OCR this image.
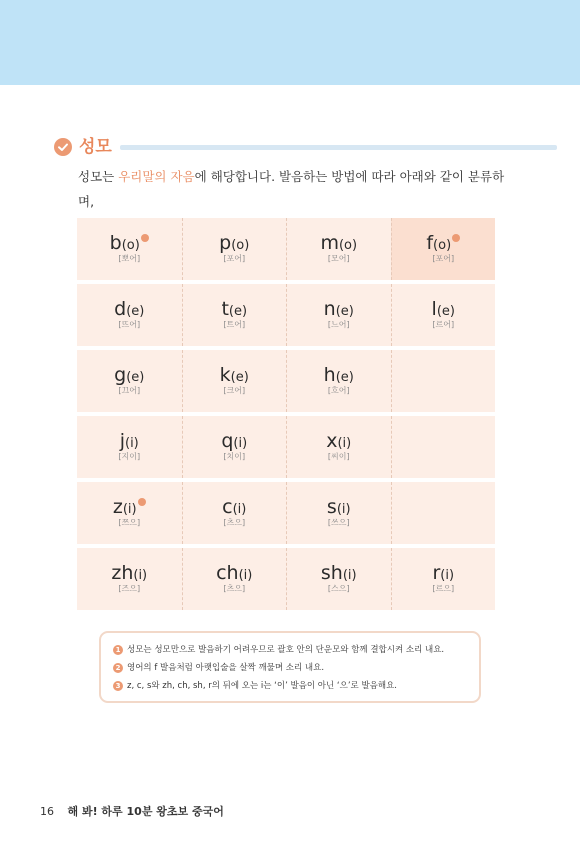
성모
성모는 우리말의 자음에 해당합니다. 발음하는 방법에 따라 아래와 같이 분류하며,
b(o)
[뽀어]
p(o)
[포어]
m(o)
[모어]
f(o)
[포어]
d(e)
[뜨어]
t(e)
[트어]
n(e)
[느어]
l(e)
[르어]
g(e)
[끄어]
k(e)
[크어]
h(e)
[흐어]
j(i)
[지이]
q(i)
[치이]
x(i)
[씨이]
z(i)
[쯔으]
c(i)
[츠으]
s(i)
[쓰으]
zh(i)
[즈으]
ch(i)
[츠으]
sh(i)
[스으]
r(i)
[르으]
1 성모는 성모만으로 발음하기 어려우므로 괄호 안의 단운모와 함께 결합시켜 소리 내요.
2 영어의 f 발음처럼 아랫입술을 살짝 깨물며 소리 내요.
3 z, c, s와 zh, ch, sh, r의 뒤에 오는 i는 ‘이’ 발음이 아닌 ‘으’로 발음해요.
16 해 봐! 하루 10분 왕초보 중국어
